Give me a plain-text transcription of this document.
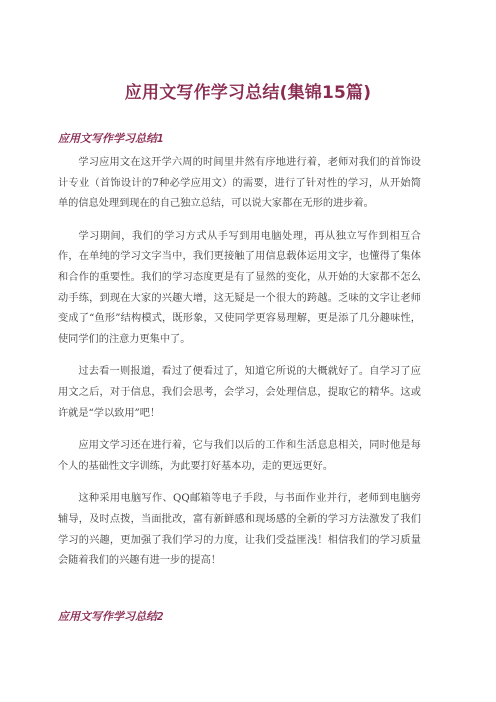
应用文写作学习总结(集锦15篇)
应用文写作学习总结1

学习应用文在这开学六周的时间里井然有序地进行着，老师对我们的首饰设计专业（首饰设计的7种必学应用文）的需要，进行了针对性的学习，从开始简单的信息处理到现在的自己独立总结，可以说大家都在无形的进步着。

学习期间，我们的学习方式从手写到用电脑处理，再从独立写作到相互合作，在单纯的学习文字当中，我们更接触了用信息载体运用文字，也懂得了集体和合作的重要性。我们的学习态度更是有了显然的变化，从开始的大家都不怎么动手练，到现在大家的兴趣大增，这无疑是一个很大的跨越。乏味的文字让老师变成了“鱼形”结构模式，既形象，又使同学更容易理解，更是添了几分趣味性，使同学们的注意力更集中了。

过去看一则报道，看过了便看过了，知道它所说的大概就好了。自学习了应用文之后，对于信息，我们会思考，会学习，会处理信息，提取它的精华。这或许就是“学以致用”吧！

应用文学习还在进行着，它与我们以后的工作和生活息息相关，同时他是每个人的基础性文字训练，为此要打好基本功，走的更远更好。

这种采用电脑写作、QQ邮箱等电子手段，与书面作业并行，老师到电脑旁辅导，及时点拨，当面批改，富有新鲜感和现场感的全新的学习方法激发了我们学习的兴趣，更加强了我们学习的力度，让我们受益匪浅！相信我们的学习质量会随着我们的兴趣有进一步的提高！

应用文写作学习总结2
